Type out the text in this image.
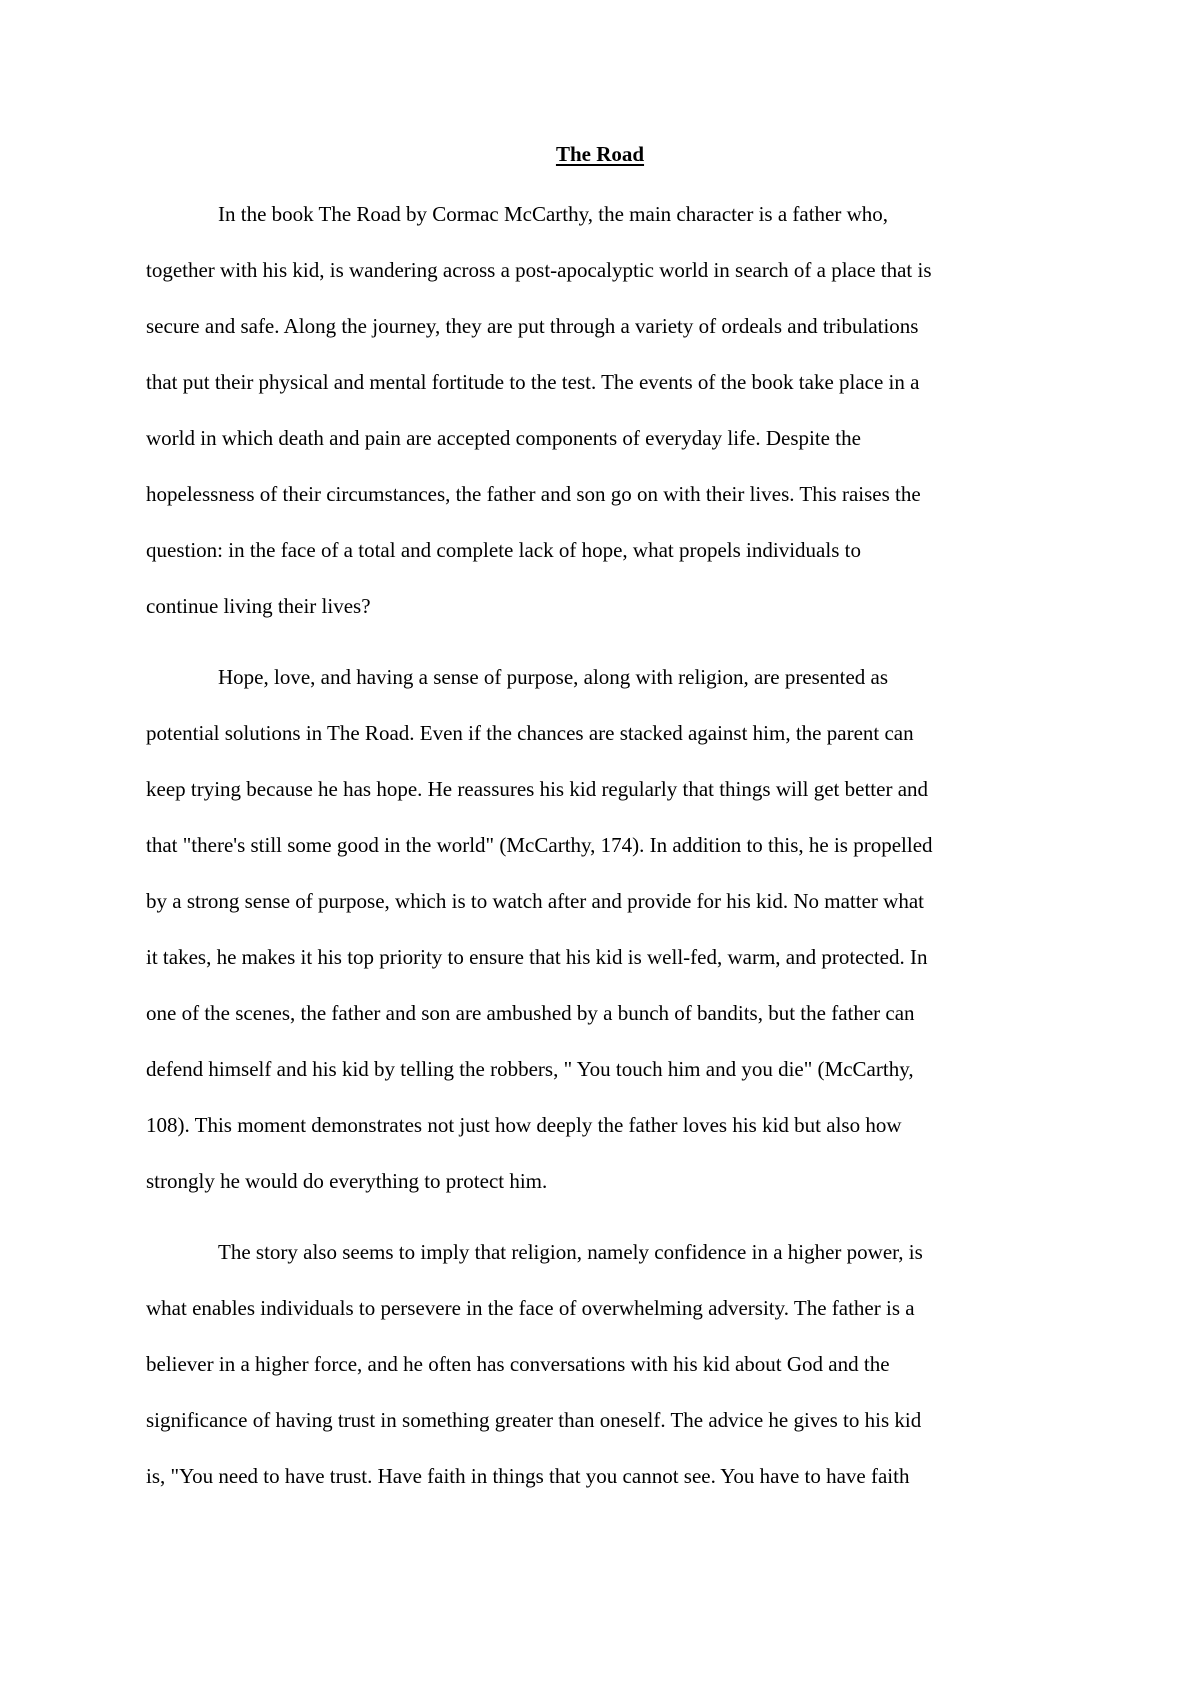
The Road
In the book The Road by Cormac McCarthy, the main character is a father who,
together with his kid, is wandering across a post-apocalyptic world in search of a place that is
secure and safe. Along the journey, they are put through a variety of ordeals and tribulations
that put their physical and mental fortitude to the test. The events of the book take place in a
world in which death and pain are accepted components of everyday life. Despite the
hopelessness of their circumstances, the father and son go on with their lives. This raises the
question: in the face of a total and complete lack of hope, what propels individuals to
continue living their lives?
Hope, love, and having a sense of purpose, along with religion, are presented as
potential solutions in The Road. Even if the chances are stacked against him, the parent can
keep trying because he has hope. He reassures his kid regularly that things will get better and
that "there's still some good in the world" (McCarthy, 174). In addition to this, he is propelled
by a strong sense of purpose, which is to watch after and provide for his kid. No matter what
it takes, he makes it his top priority to ensure that his kid is well-fed, warm, and protected. In
one of the scenes, the father and son are ambushed by a bunch of bandits, but the father can
defend himself and his kid by telling the robbers, " You touch him and you die" (McCarthy,
108). This moment demonstrates not just how deeply the father loves his kid but also how
strongly he would do everything to protect him.
The story also seems to imply that religion, namely confidence in a higher power, is
what enables individuals to persevere in the face of overwhelming adversity. The father is a
believer in a higher force, and he often has conversations with his kid about God and the
significance of having trust in something greater than oneself. The advice he gives to his kid
is, "You need to have trust. Have faith in things that you cannot see. You have to have faith
